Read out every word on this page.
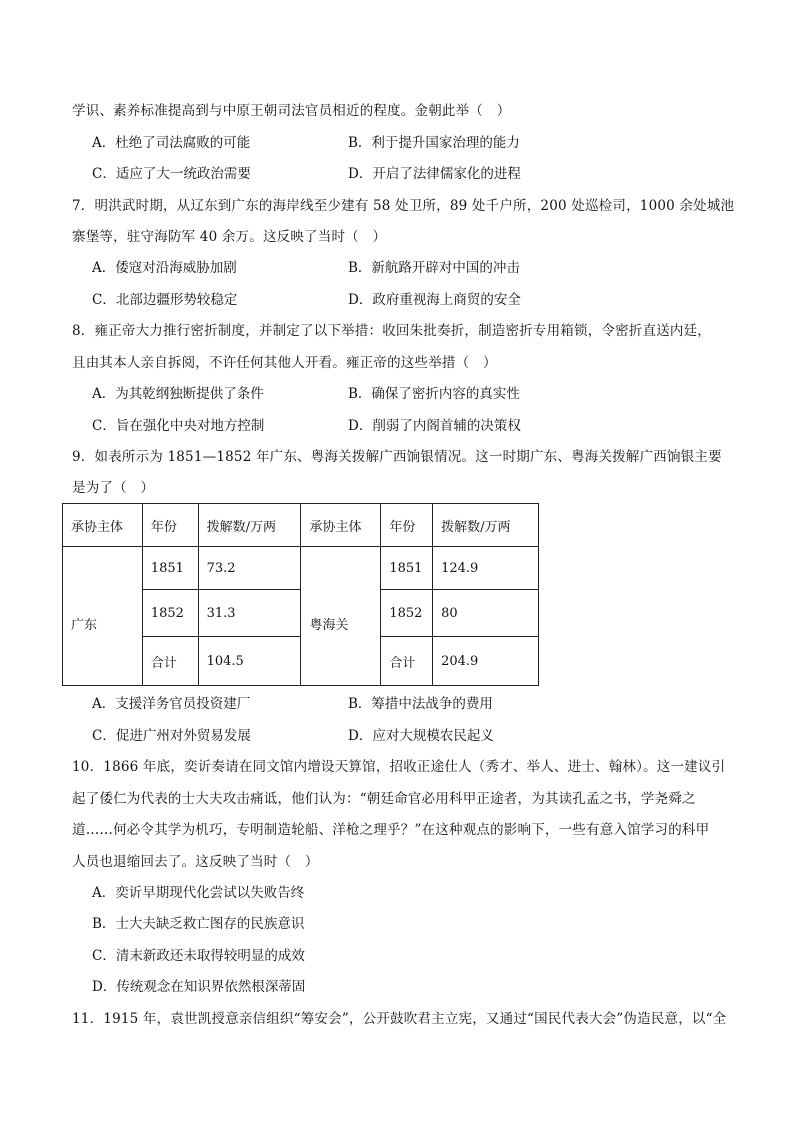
学识、素养标准提高到与中原王朝司法官员相近的程度。金朝此举（　）
A．杜绝了司法腐败的可能	B．利于提升国家治理的能力
C．适应了大一统政治需要	D．开启了法律儒家化的进程
7．明洪武时期，从辽东到广东的海岸线至少建有 58 处卫所，89 处千户所，200 处巡检司，1000 余处城池
寨堡等，驻守海防军 40 余万。这反映了当时（　）
A．倭寇对沿海威胁加剧	B．新航路开辟对中国的冲击
C．北部边疆形势较稳定	D．政府重视海上商贸的安全
8．雍正帝大力推行密折制度，并制定了以下举措：收回朱批奏折，制造密折专用箱锁，令密折直送内廷，
且由其本人亲自拆阅，不许任何其他人开看。雍正帝的这些举措（　）
A．为其乾纲独断提供了条件	B．确保了密折内容的真实性
C．旨在强化中央对地方控制	D．削弱了内阁首辅的决策权
9．如表所示为 1851—1852 年广东、粤海关拨解广西饷银情况。这一时期广东、粤海关拨解广西饷银主要
是为了（　）
承协主体	年份	拨解数/万两	承协主体	年份	拨解数/万两
广东	1851	73.2	粤海关	1851	124.9
	1852	31.3		1852	80
	合计	104.5		合计	204.9
A．支援洋务官员投资建厂	B．筹措中法战争的费用
C．促进广州对外贸易发展	D．应对大规模农民起义
10．1866 年底，奕䜣奏请在同文馆内增设天算馆，招收正途仕人（秀才、举人、进士、翰林）。这一建议引
起了倭仁为代表的士大夫攻击痛诋，他们认为：“朝廷命官必用科甲正途者，为其读孔孟之书，学尧舜之
道……何必令其学为机巧，专明制造轮船、洋枪之理乎？”在这种观点的影响下，一些有意入馆学习的科甲
人员也退缩回去了。这反映了当时（　）
A．奕䜣早期现代化尝试以失败告终
B．士大夫缺乏救亡图存的民族意识
C．清末新政还未取得较明显的成效
D．传统观念在知识界依然根深蒂固
11．1915 年，袁世凯授意亲信组织“筹安会”，公开鼓吹君主立宪，又通过“国民代表大会”伪造民意，以“全
